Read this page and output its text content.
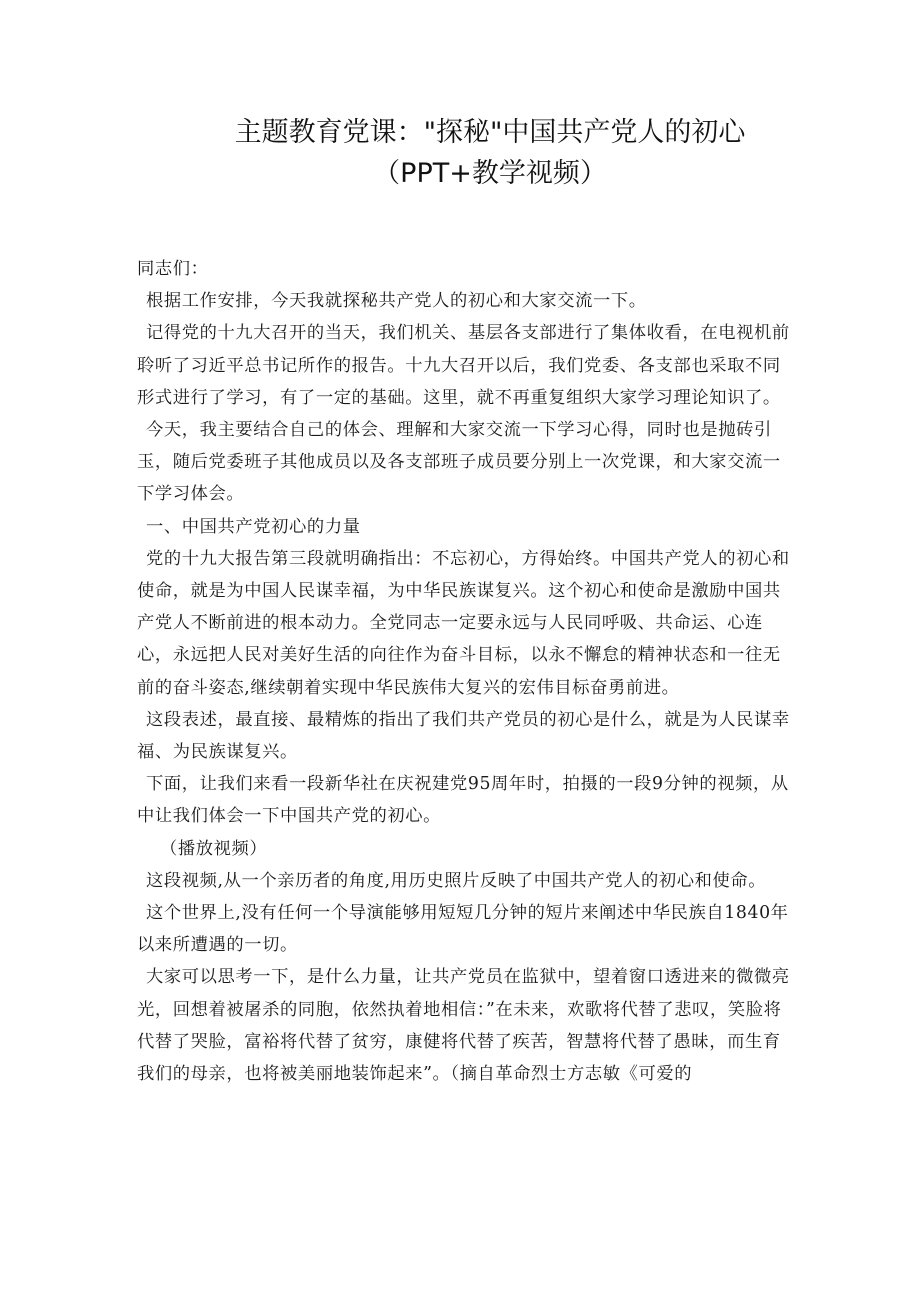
主题教育党课："探秘"中国共产党人的初心（PPT+教学视频）

同志们：

根据工作安排，今天我就探秘共产党人的初心和大家交流一下。

记得党的十九大召开的当天，我们机关、基层各支部进行了集体收看，在电视机前聆听了习近平总书记所作的报告。十九大召开以后，我们党委、各支部也采取不同形式进行了学习，有了一定的基础。这里，就不再重复组织大家学习理论知识了。

今天，我主要结合自己的体会、理解和大家交流一下学习心得，同时也是抛砖引玉，随后党委班子其他成员以及各支部班子成员要分别上一次党课，和大家交流一下学习体会。

一、中国共产党初心的力量

党的十九大报告第三段就明确指出：不忘初心，方得始终。中国共产党人的初心和使命，就是为中国人民谋幸福，为中华民族谋复兴。这个初心和使命是激励中国共产党人不断前进的根本动力。全党同志一定要永远与人民同呼吸、共命运、心连心，永远把人民对美好生活的向往作为奋斗目标，以永不懈怠的精神状态和一往无前的奋斗姿态,继续朝着实现中华民族伟大复兴的宏伟目标奋勇前进。

这段表述，最直接、最精炼的指出了我们共产党员的初心是什么，就是为人民谋幸福、为民族谋复兴。

下面，让我们来看一段新华社在庆祝建党95周年时，拍摄的一段9分钟的视频，从中让我们体会一下中国共产党的初心。

（播放视频）

这段视频,从一个亲历者的角度,用历史照片反映了中国共产党人的初心和使命。

这个世界上,没有任何一个导演能够用短短几分钟的短片来阐述中华民族自1840年以来所遭遇的一切。

大家可以思考一下，是什么力量，让共产党员在监狱中，望着窗口透进来的微微亮光，回想着被屠杀的同胞，依然执着地相信：”在未来，欢歌将代替了悲叹，笑脸将代替了哭脸，富裕将代替了贫穷，康健将代替了疾苦，智慧将代替了愚昧，而生育我们的母亲，也将被美丽地装饰起来”。（摘自革命烈士方志敏《可爱的
